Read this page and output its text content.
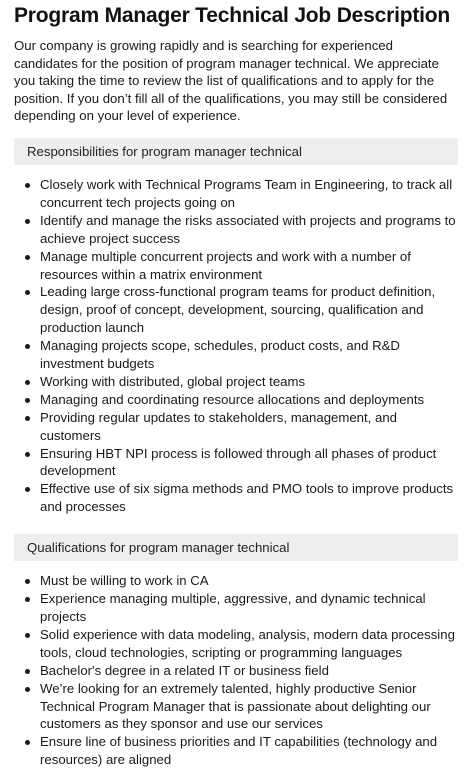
Program Manager Technical Job Description

Our company is growing rapidly and is searching for experienced candidates for the position of program manager technical. We appreciate you taking the time to review the list of qualifications and to apply for the position. If you don’t fill all of the qualifications, you may still be considered depending on your level of experience.

Responsibilities for program manager technical
Closely work with Technical Programs Team in Engineering, to track all concurrent tech projects going on
Identify and manage the risks associated with projects and programs to achieve project success
Manage multiple concurrent projects and work with a number of resources within a matrix environment
Leading large cross-functional program teams for product definition, design, proof of concept, development, sourcing, qualification and production launch
Managing projects scope, schedules, product costs, and R&D investment budgets
Working with distributed, global project teams
Managing and coordinating resource allocations and deployments
Providing regular updates to stakeholders, management, and customers
Ensuring HBT NPI process is followed through all phases of product development
Effective use of six sigma methods and PMO tools to improve products and processes
Qualifications for program manager technical
Must be willing to work in CA
Experience managing multiple, aggressive, and dynamic technical projects
Solid experience with data modeling, analysis, modern data processing tools, cloud technologies, scripting or programming languages
Bachelor's degree in a related IT or business field
We’re looking for an extremely talented, highly productive Senior Technical Program Manager that is passionate about delighting our customers as they sponsor and use our services
Ensure line of business priorities and IT capabilities (technology and resources) are aligned
